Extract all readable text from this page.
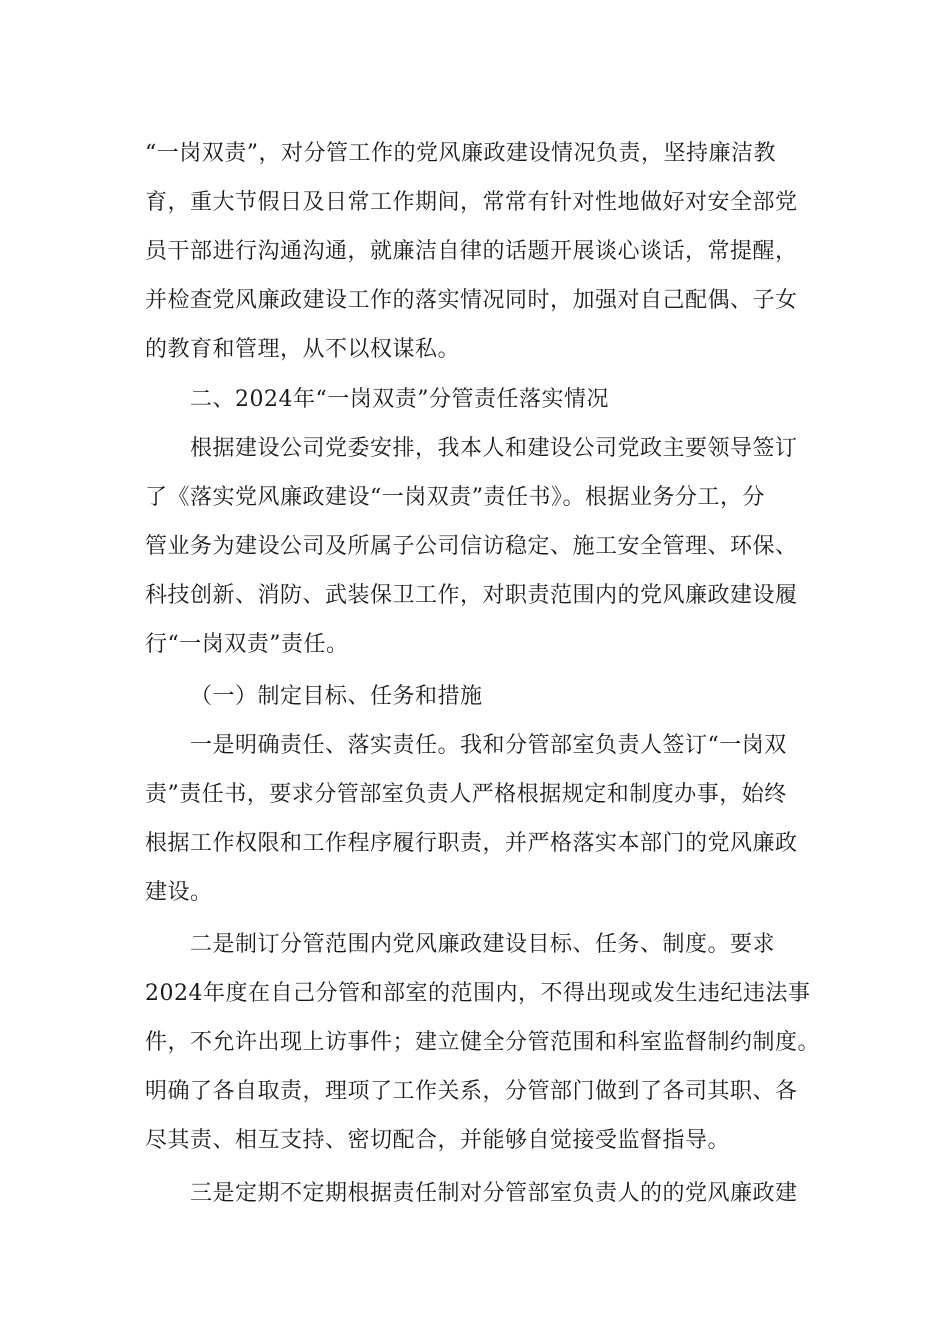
“一岗双责”，对分管工作的党风廉政建设情况负责，坚持廉洁教
育，重大节假日及日常工作期间，常常有针对性地做好对安全部党
员干部进行沟通沟通，就廉洁自律的话题开展谈心谈话，常提醒，
并检查党风廉政建设工作的落实情况同时，加强对自己配偶、子女
的教育和管理，从不以权谋私。
二、2024年“一岗双责”分管责任落实情况
根据建设公司党委安排，我本人和建设公司党政主要领导签订
了《落实党风廉政建设“一岗双责”责任书》。根据业务分工，分
管业务为建设公司及所属子公司信访稳定、施工安全管理、环保、
科技创新、消防、武装保卫工作，对职责范围内的党风廉政建设履
行“一岗双责”责任。
（一）制定目标、任务和措施
一是明确责任、落实责任。我和分管部室负责人签订“一岗双
责”责任书，要求分管部室负责人严格根据规定和制度办事，始终
根据工作权限和工作程序履行职责，并严格落实本部门的党风廉政
建设。
二是制订分管范围内党风廉政建设目标、任务、制度。要求
2024年度在自己分管和部室的范围内，不得出现或发生违纪违法事
件，不允许出现上访事件；建立健全分管范围和科室监督制约制度。
明确了各自取责，理项了工作关系，分管部门做到了各司其职、各
尽其责、相互支持、密切配合，并能够自觉接受监督指导。
三是定期不定期根据责任制对分管部室负责人的的党风廉政建
